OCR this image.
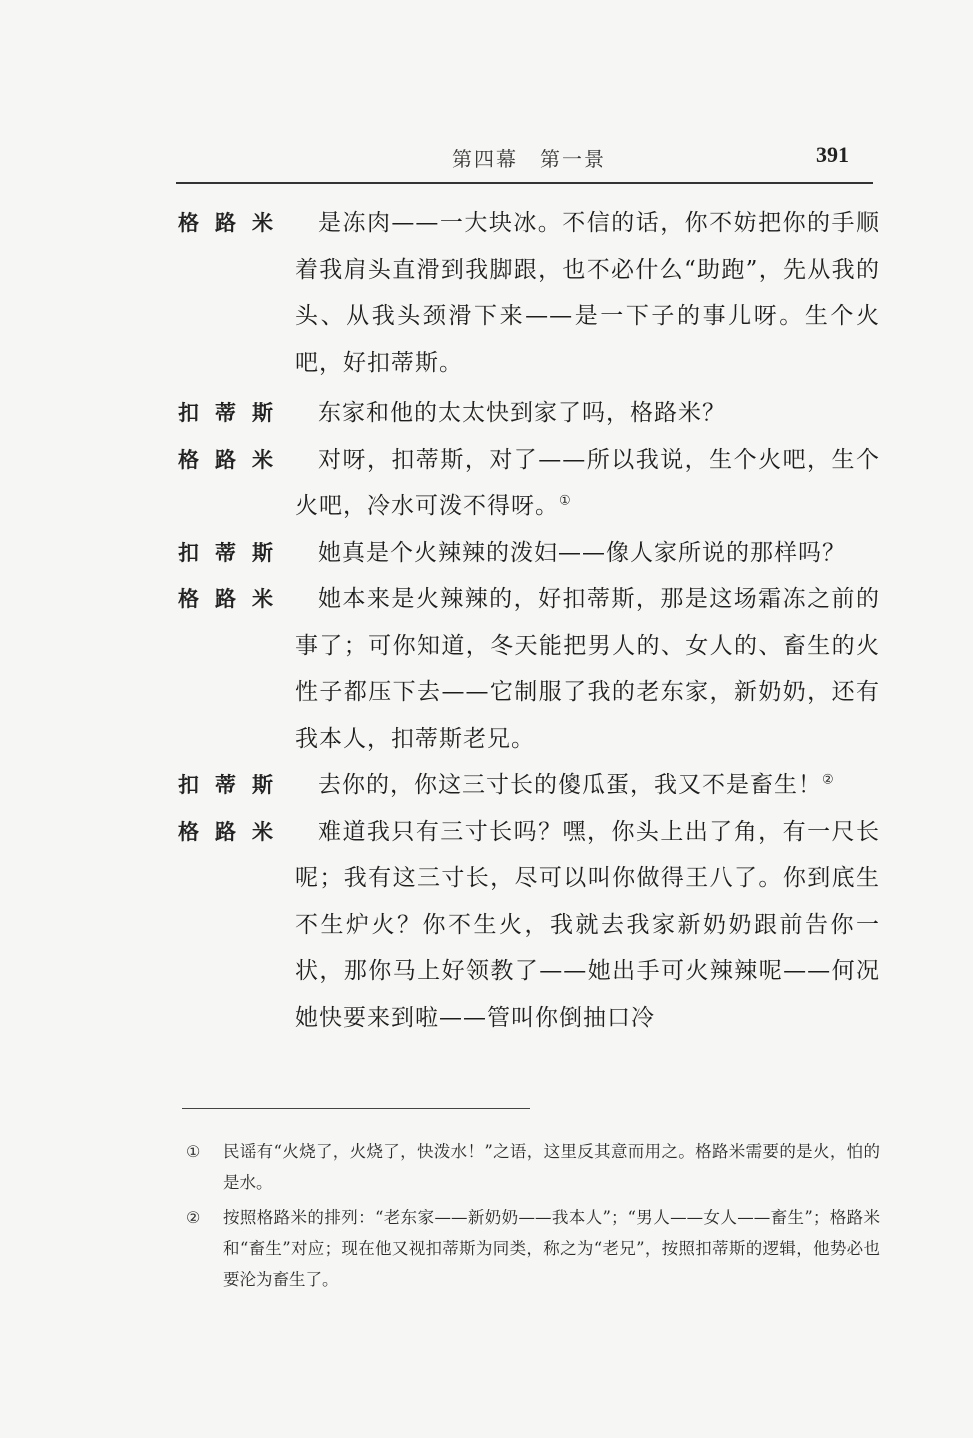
第四幕　第一景	391
格路米	是冻肉——一大块冰。不信的话，你不妨把你的手顺着我肩头直滑到我脚跟，也不必什么“助跑”，先从我的头、从我头颈滑下来——是一下子的事儿呀。生个火吧，好扣蒂斯。

扣蒂斯	东家和他的太太快到家了吗，格路米？

格路米	对呀，扣蒂斯，对了——所以我说，生个火吧，生个火吧，冷水可泼不得呀。①

扣蒂斯	她真是个火辣辣的泼妇——像人家所说的那样吗？

格路米	她本来是火辣辣的，好扣蒂斯，那是这场霜冻之前的事了；可你知道，冬天能把男人的、女人的、畜生的火性子都压下去——它制服了我的老东家，新奶奶，还有我本人，扣蒂斯老兄。

扣蒂斯	去你的，你这三寸长的傻瓜蛋，我又不是畜生！②

格路米	难道我只有三寸长吗？嘿，你头上出了角，有一尺长呢；我有这三寸长，尽可以叫你做得王八了。你到底生不生炉火？你不生火，我就去我家新奶奶跟前告你一状，那你马上好领教了——她出手可火辣辣呢——何况她快要来到啦——管叫你倒抽口冷

①	民谣有“火烧了，火烧了，快泼水！”之语，这里反其意而用之。格路米需要的是火，怕的是水。

②	按照格路米的排列：“老东家——新奶奶——我本人”；“男人——女人——畜生”；格路米和“畜生”对应；现在他又视扣蒂斯为同类，称之为“老兄”，按照扣蒂斯的逻辑，他势必也要沦为畜生了。
